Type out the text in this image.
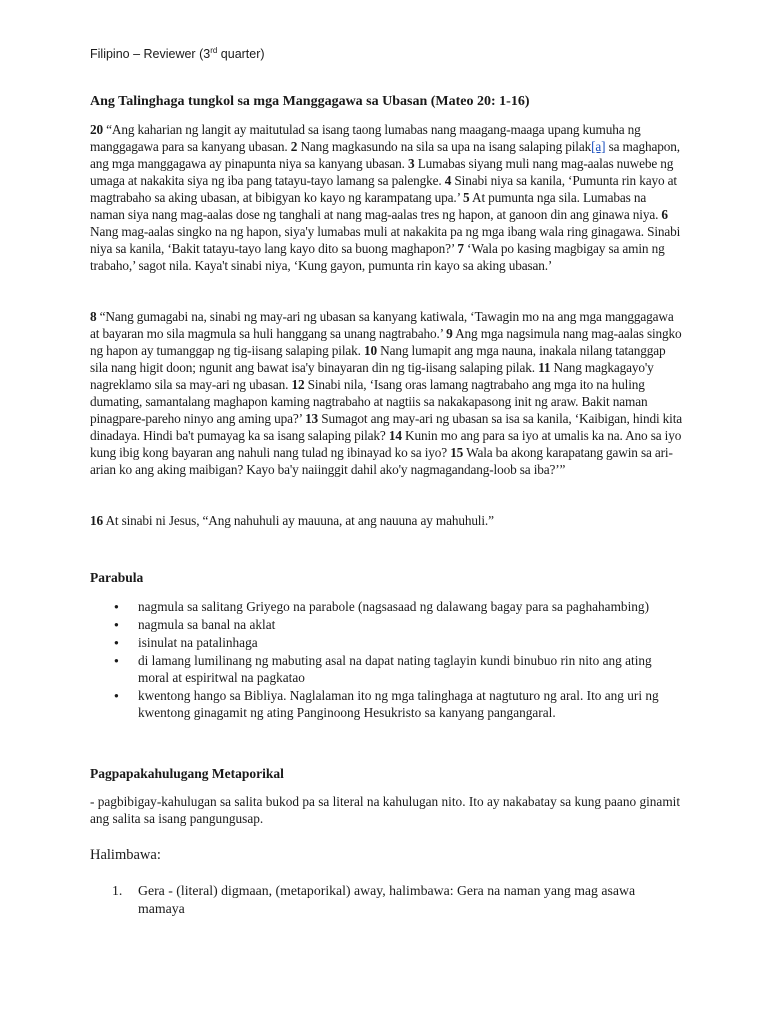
Filipino – Reviewer (3rd quarter)
Ang Talinghaga tungkol sa mga Manggagawa sa Ubasan (Mateo 20: 1-16)
20 “Ang kaharian ng langit ay maitutulad sa isang taong lumabas nang maagang-maaga upang kumuha ng manggagawa para sa kanyang ubasan. 2 Nang magkasundo na sila sa upa na isang salaping pilak[a] sa maghapon, ang mga manggagawa ay pinapunta niya sa kanyang ubasan. 3 Lumabas siyang muli nang mag-aalas nuwebe ng umaga at nakakita siya ng iba pang tatayu-tayo lamang sa palengke. 4 Sinabi niya sa kanila, ‘Pumunta rin kayo at magtrabaho sa aking ubasan, at bibigyan ko kayo ng karampatang upa.’ 5 At pumunta nga sila. Lumabas na naman siya nang mag-aalas dose ng tanghali at nang mag-aalas tres ng hapon, at ganoon din ang ginawa niya. 6 Nang mag-aalas singko na ng hapon, siya'y lumabas muli at nakakita pa ng mga ibang wala ring ginagawa. Sinabi niya sa kanila, ‘Bakit tatayu-tayo lang kayo dito sa buong maghapon?’ 7 ‘Wala po kasing magbigay sa amin ng trabaho,’ sagot nila. Kaya't sinabi niya, ‘Kung gayon, pumunta rin kayo sa aking ubasan.’
8 “Nang gumagabi na, sinabi ng may-ari ng ubasan sa kanyang katiwala, ‘Tawagin mo na ang mga manggagawa at bayaran mo sila magmula sa huli hanggang sa unang nagtrabaho.’ 9 Ang mga nagsimula nang mag-aalas singko ng hapon ay tumanggap ng tig-iisang salaping pilak. 10 Nang lumapit ang mga nauna, inakala nilang tatanggap sila nang higit doon; ngunit ang bawat isa'y binayaran din ng tig-iisang salaping pilak. 11 Nang magkagayo'y nagreklamo sila sa may-ari ng ubasan. 12 Sinabi nila, ‘Isang oras lamang nagtrabaho ang mga ito na huling dumating, samantalang maghapon kaming nagtrabaho at nagtiis sa nakakapasong init ng araw. Bakit naman pinagpare-pareho ninyo ang aming upa?’ 13 Sumagot ang may-ari ng ubasan sa isa sa kanila, ‘Kaibigan, hindi kita dinadaya. Hindi ba't pumayag ka sa isang salaping pilak? 14 Kunin mo ang para sa iyo at umalis ka na. Ano sa iyo kung ibig kong bayaran ang nahuli nang tulad ng ibinayad ko sa iyo? 15 Wala ba akong karapatang gawin sa ari-arian ko ang aking maibigan? Kayo ba'y naiinggit dahil ako'y nagmagandang-loob sa iba?’”
16 At sinabi ni Jesus, “Ang nahuhuli ay mauuna, at ang nauuna ay mahuhuli.”
Parabula
● nagmula sa salitang Griyego na parabole (nagsasaad ng dalawang bagay para sa paghahambing)
● nagmula sa banal na aklat
● isinulat na patalinhaga
● di lamang lumilinang ng mabuting asal na dapat nating taglayin kundi binubuo rin nito ang ating moral at espiritwal na pagkatao
● kwentong hango sa Bibliya. Naglalaman ito ng mga talinghaga at nagtuturo ng aral. Ito ang uri ng kwentong ginagamit ng ating Panginoong Hesukristo sa kanyang pangangaral.
Pagpapakahulugang Metaporikal
- pagbibigay-kahulugan sa salita bukod pa sa literal na kahulugan nito. Ito ay nakabatay sa kung paano ginamit ang salita sa isang pangungusap.
Halimbawa:
1.	Gera - (literal) digmaan, (metaporikal) away, halimbawa: Gera na naman yang mag asawa mamaya
